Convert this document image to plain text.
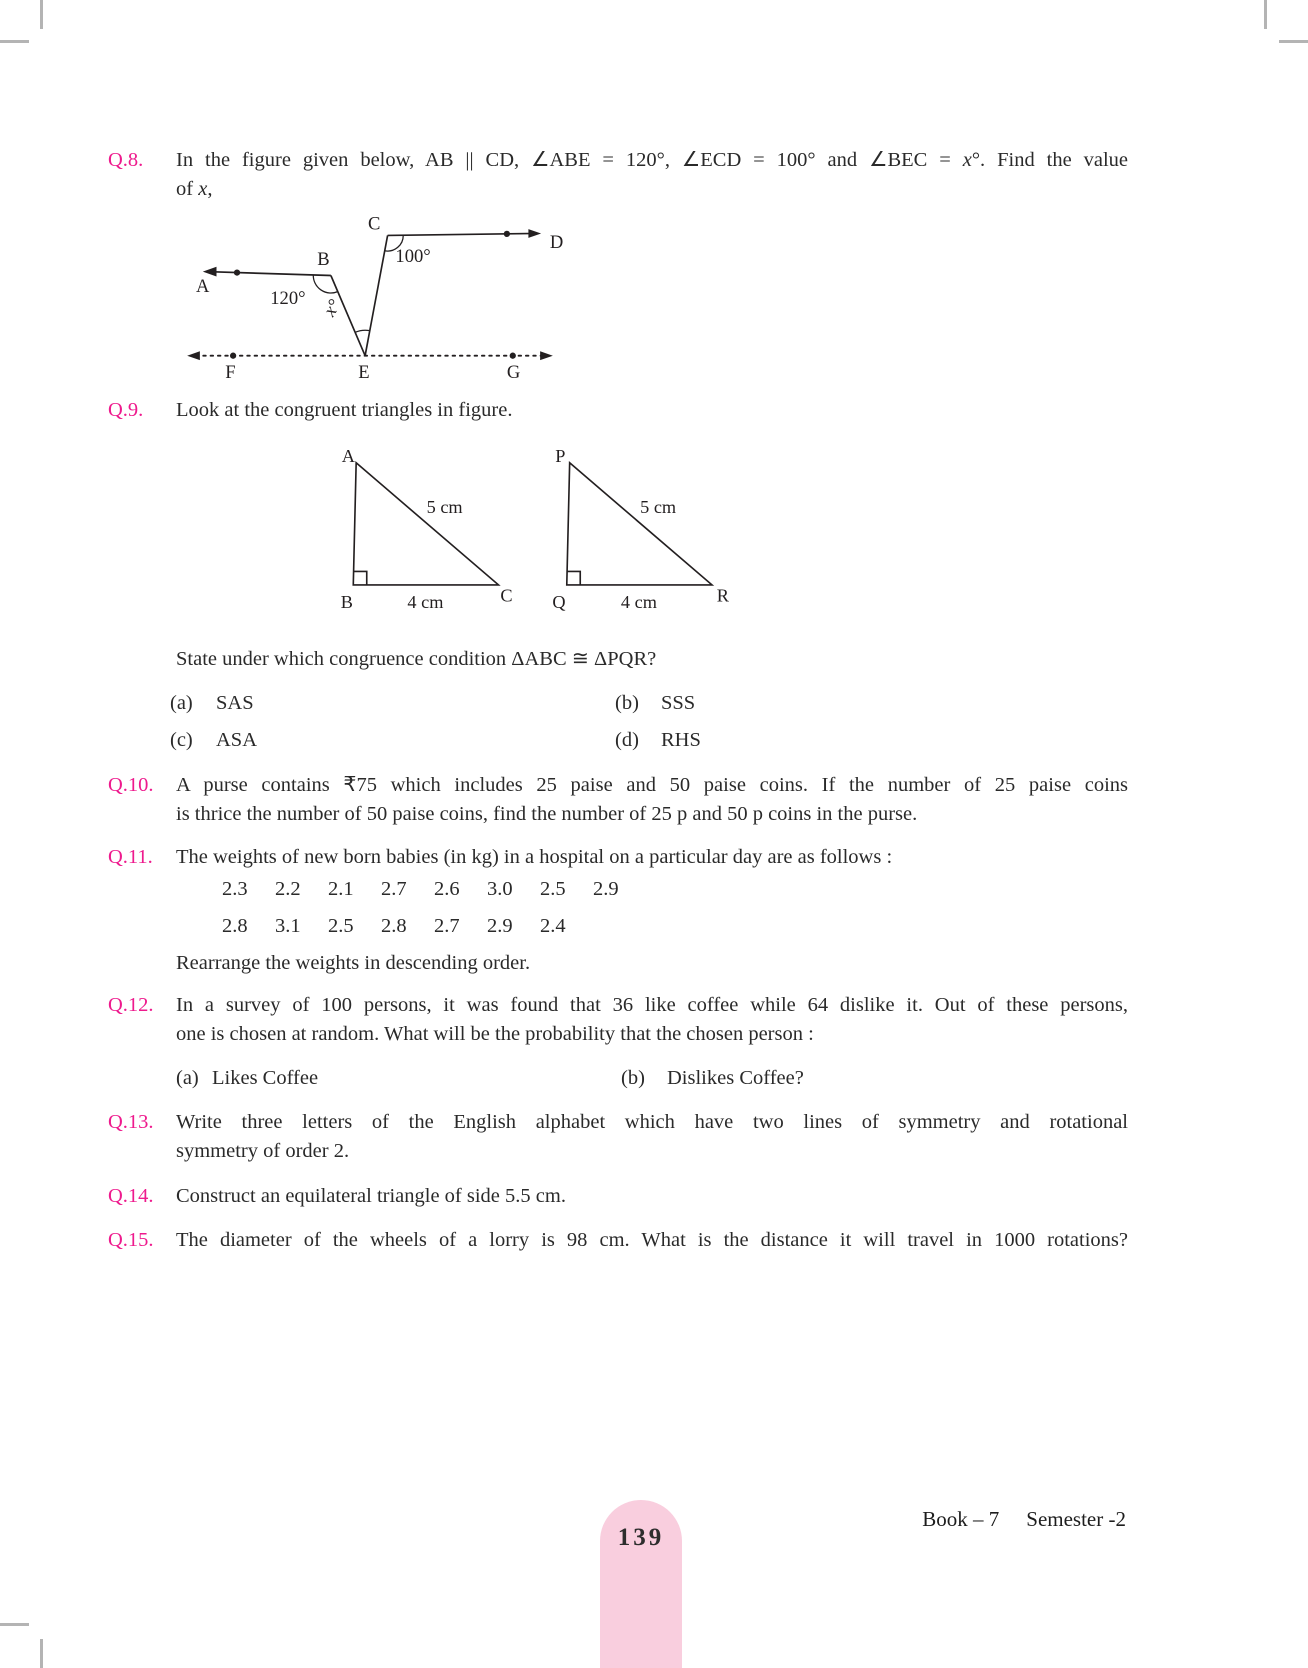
Q.8.	In the figure given below, AB || CD, ∠ABE = 120°, ∠ECD = 100° and ∠BEC = x°. Find the value
of x,
A
B
C
D
E
F	G
120°
100°
x°
Q.9.	Look at the congruent triangles in figure.
A
5 cm
B	4 cm	C
P
5 cm
Q	4 cm	R
State under which congruence condition ΔABC ≅ ΔPQR?
(a) SAS	(b) SSS
(c) ASA	(d) RHS
Q.10.	A purse contains ₹75 which includes 25 paise and 50 paise coins. If the number of 25 paise coins
is thrice the number of 50 paise coins, find the number of 25 p and 50 p coins in the purse.
Q.11.	The weights of new born babies (in kg) in a hospital on a particular day are as follows :
2.3 2.2 2.1 2.7 2.6 3.0 2.5 2.9
2.8 3.1 2.5 2.8 2.7 2.9 2.4
Rearrange the weights in descending order.
Q.12.	In a survey of 100 persons, it was found that 36 like coffee while 64 dislike it. Out of these persons,
one is chosen at random. What will be the probability that the chosen person :
(a) Likes Coffee	(b) Dislikes Coffee?
Q.13.	Write three letters of the English alphabet which have two lines of symmetry and rotational
symmetry of order 2.
Q.14.	Construct an equilateral triangle of side 5.5 cm.
Q.15.	The diameter of the wheels of a lorry is 98 cm. What is the distance it will travel in 1000 rotations?
139
Book – 7 Semester -2
